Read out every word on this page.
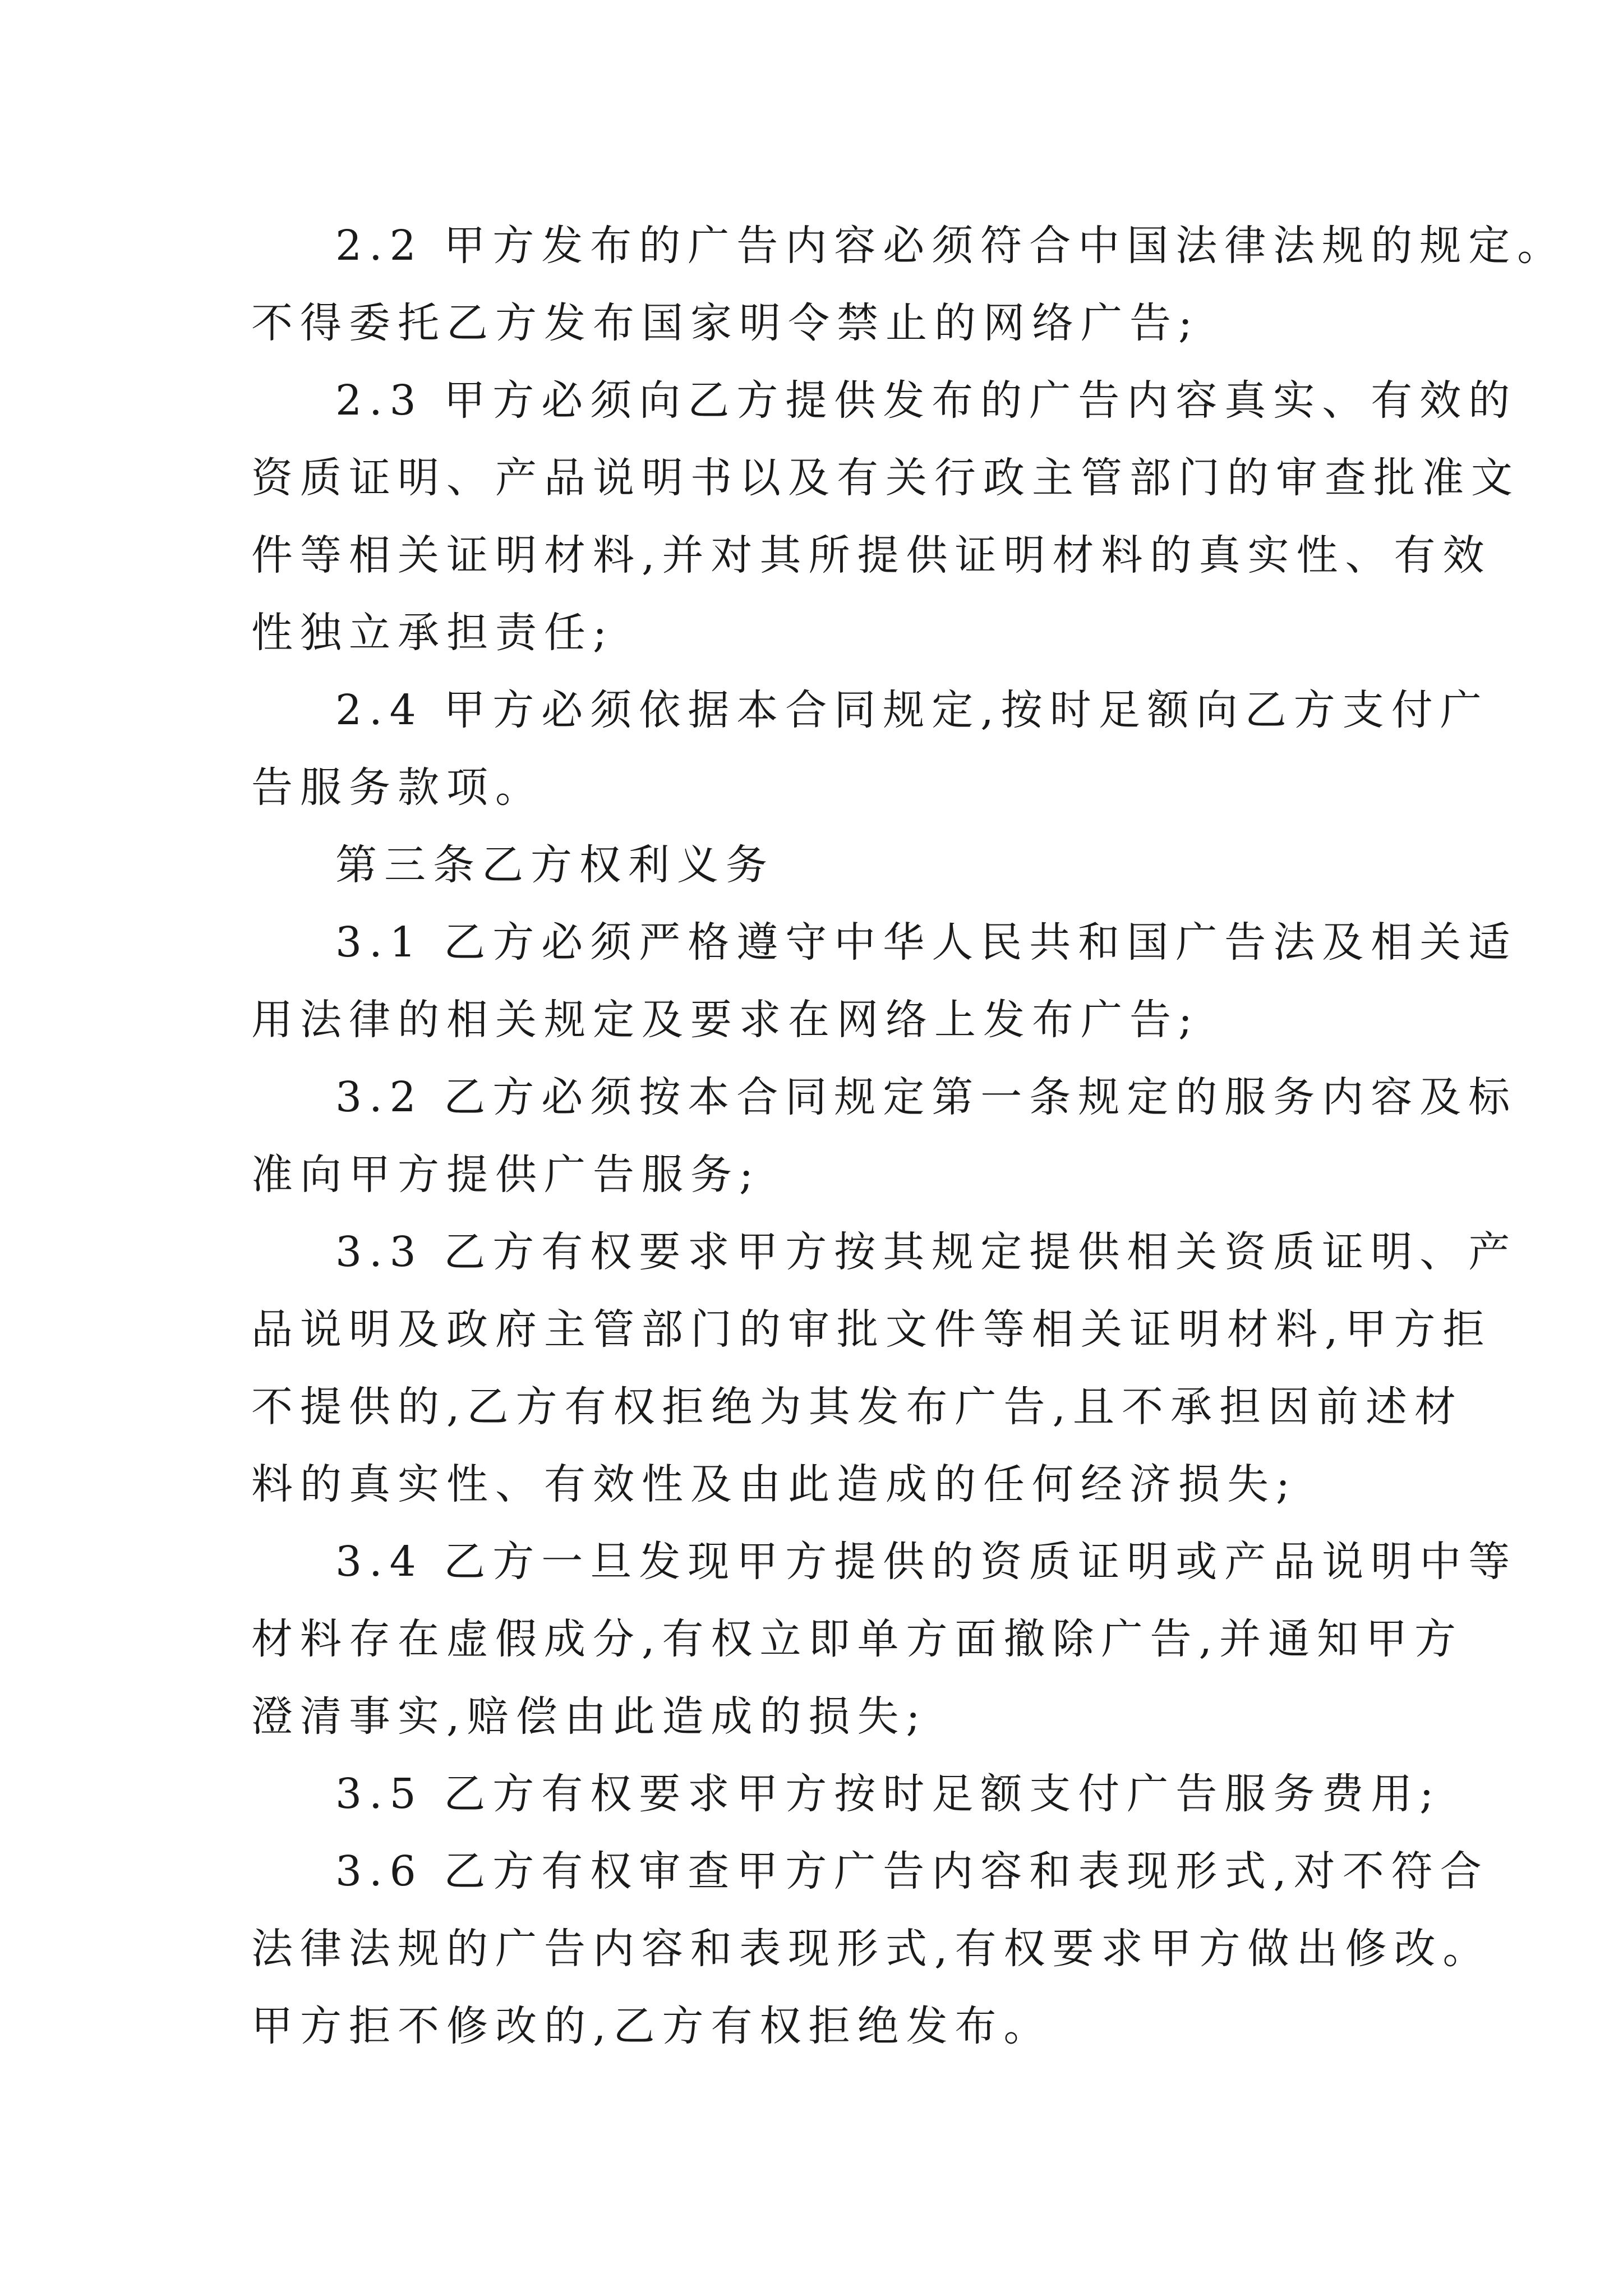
2.2 甲方发布的广告内容必须符合中国法律法规的规定。

不得委托乙方发布国家明令禁止的网络广告;

2.3 甲方必须向乙方提供发布的广告内容真实、有效的

资质证明、产品说明书以及有关行政主管部门的审查批准文

件等相关证明材料,并对其所提供证明材料的真实性、有效

性独立承担责任;

2.4 甲方必须依据本合同规定,按时足额向乙方支付广

告服务款项。

第三条乙方权利义务

3.1 乙方必须严格遵守中华人民共和国广告法及相关适

用法律的相关规定及要求在网络上发布广告;

3.2 乙方必须按本合同规定第一条规定的服务内容及标

准向甲方提供广告服务;

3.3 乙方有权要求甲方按其规定提供相关资质证明、产

品说明及政府主管部门的审批文件等相关证明材料,甲方拒

不提供的,乙方有权拒绝为其发布广告,且不承担因前述材

料的真实性、有效性及由此造成的任何经济损失;

3.4 乙方一旦发现甲方提供的资质证明或产品说明中等

材料存在虚假成分,有权立即单方面撤除广告,并通知甲方

澄清事实,赔偿由此造成的损失;

3.5 乙方有权要求甲方按时足额支付广告服务费用;

3.6 乙方有权审查甲方广告内容和表现形式,对不符合

法律法规的广告内容和表现形式,有权要求甲方做出修改。

甲方拒不修改的,乙方有权拒绝发布。
